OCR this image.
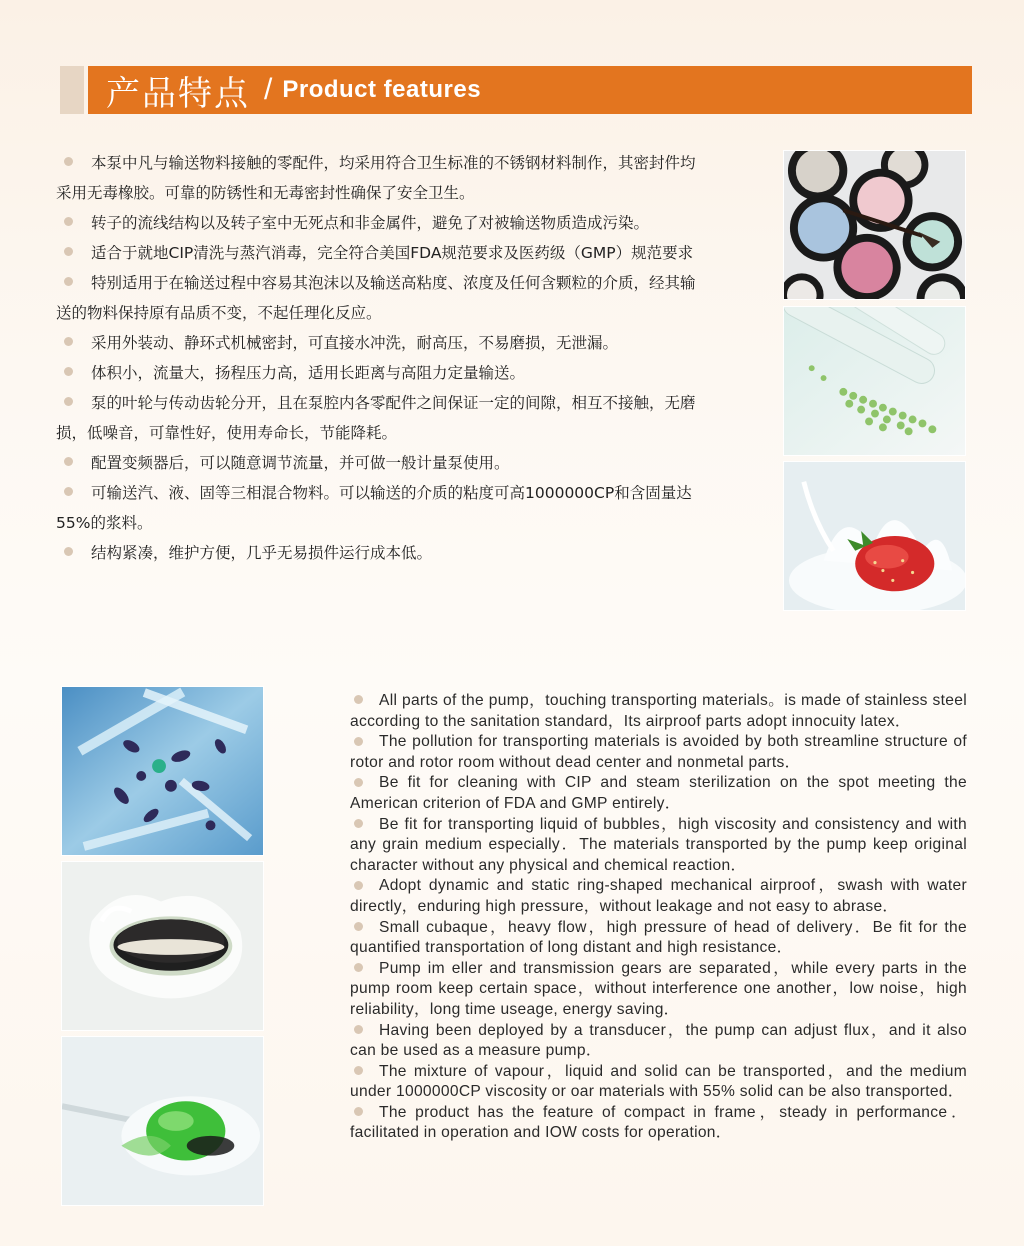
产品特点 / Product features
本泵中凡与输送物料接触的零配件，均采用符合卫生标准的不锈钢材料制作，其密封件均采用无毒橡胶。可靠的防锈性和无毒密封性确保了安全卫生。
转子的流线结构以及转子室中无死点和非金属件，避免了对被输送物质造成污染。
适合于就地CIP清洗与蒸汽消毒，完全符合美国FDA规范要求及医药级（GMP）规范要求
特别适用于在输送过程中容易其泡沫以及输送高粘度、浓度及任何含颗粒的介质，经其输送的物料保持原有品质不变，不起任理化反应。
采用外装动、静环式机械密封，可直接水冲洗，耐高压，不易磨损，无泄漏。
体积小，流量大，扬程压力高，适用长距离与高阻力定量输送。
泵的叶轮与传动齿轮分开，且在泵腔内各零配件之间保证一定的间隙，相互不接触，无磨损，低噪音，可靠性好，使用寿命长，节能降耗。
配置变频器后，可以随意调节流量，并可做一般计量泵使用。
可输送汽、液、固等三相混合物料。可以输送的介质的粘度可高1000000CP和含固量达55%的浆料。
结构紧凑，维护方便，几乎无易损件运行成本低。
All parts of the pump，touching transporting materials。is made of stainless steel according to the sanitation standard，Its airproof parts adopt innocuity latex．
The pollution for transporting materials is avoided by both streamline structure of rotor and rotor room without dead center and nonmetal parts．
Be fit for cleaning with CIP and steam sterilization on the spot meeting the American criterion of FDA and GMP entirely．
Be fit for transporting liquid of bubbles，high viscosity and consistency and with any grain medium especially．The materials transported by the pump keep original character without any physical and chemical reaction．
Adopt dynamic and static ring-shaped mechanical airproof，swash with water directly，enduring high pressure，without leakage and not easy to abrase．
Small cubaque，heavy flow，high pressure of head of delivery．Be fit for the quantified transportation of long distant and high resistance．
Pump im eller and transmission gears are separated，while every parts in the pump room keep certain space，without interference one another，low noise，high reliability，long time useage, energy saving．
Having been deployed by a transducer，the pump can adjust flux，and it also can be used as a measure pump．
The mixture of vapour，liquid and solid can be transported，and the medium under 1000000CP viscosity or oar materials with 55% solid can be also transported．
The product has the feature of compact in frame，steady in performance．facilitated in operation and IOW costs for operation．
